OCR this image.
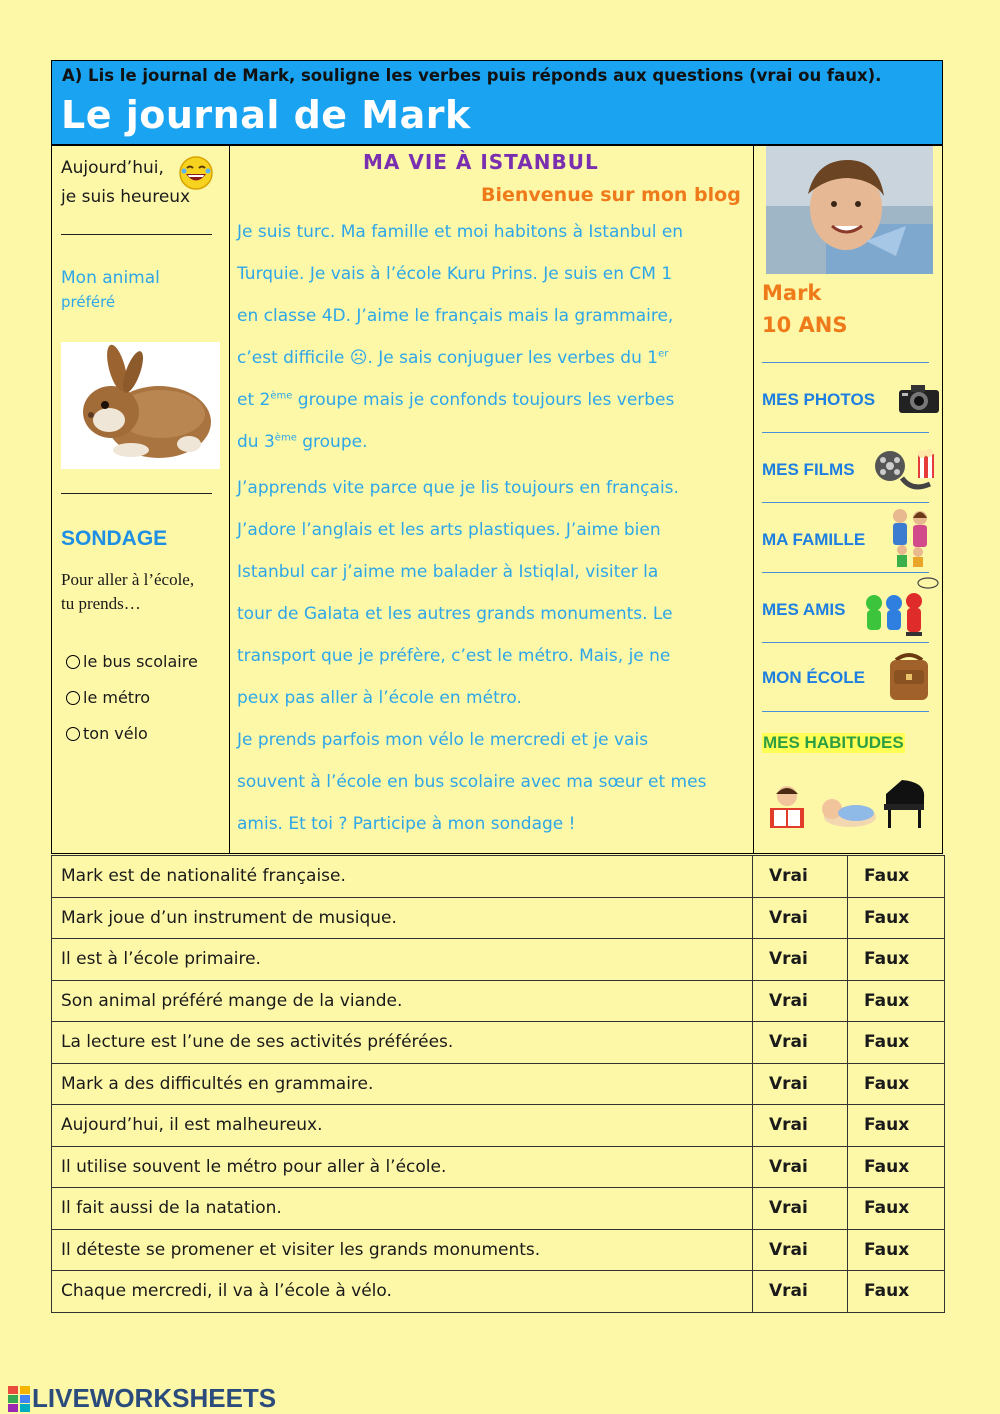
A) Lis le journal de Mark, souligne les verbes puis réponds aux questions (vrai ou faux).
Le journal de Mark
Aujourd’hui,
je suis heureux
Mon animal
préféré
SONDAGE
Pour aller à l’école,
tu prends…
le bus scolaire
le métro
ton vélo
MA VIE À ISTANBUL
Bienvenue sur mon blog
Je suis turc. Ma famille et moi habitons à Istanbul en
Turquie. Je vais à l’école Kuru Prins. Je suis en CM 1
en classe 4D. J’aime le français mais la grammaire,
c’est difficile ☹. Je sais conjuguer les verbes du 1er
et 2ème groupe mais je confonds toujours les verbes
du 3ème groupe.
J’apprends vite parce que je lis toujours en français.
J’adore l’anglais et les arts plastiques. J’aime bien
Istanbul car j’aime me balader à Istiqlal, visiter la
tour de Galata et les autres grands monuments. Le
transport que je préfère, c’est le métro. Mais, je ne
peux pas aller à l’école en métro.
Je prends parfois mon vélo le mercredi et je vais
souvent à l’école en bus scolaire avec ma sœur et mes
amis. Et toi ? Participe à mon sondage !
Mark
10 ANS
MES PHOTOS
MES FILMS
MA FAMILLE
MES AMIS
MON ÉCOLE
MES HABITUDES
Mark est de nationalité française.	Vrai	Faux
Mark joue d’un instrument de musique.	Vrai	Faux
Il est à l’école primaire.	Vrai	Faux
Son animal préféré mange de la viande.	Vrai	Faux
La lecture est l’une de ses activités préférées.	Vrai	Faux
Mark a des difficultés en grammaire.	Vrai	Faux
Aujourd’hui, il est malheureux.	Vrai	Faux
Il utilise souvent le métro pour aller à l’école.	Vrai	Faux
Il fait aussi de la natation.	Vrai	Faux
Il déteste se promener et visiter les grands monuments.	Vrai	Faux
Chaque mercredi, il va à l’école à vélo.	Vrai	Faux
LIVEWORKSHEETS
